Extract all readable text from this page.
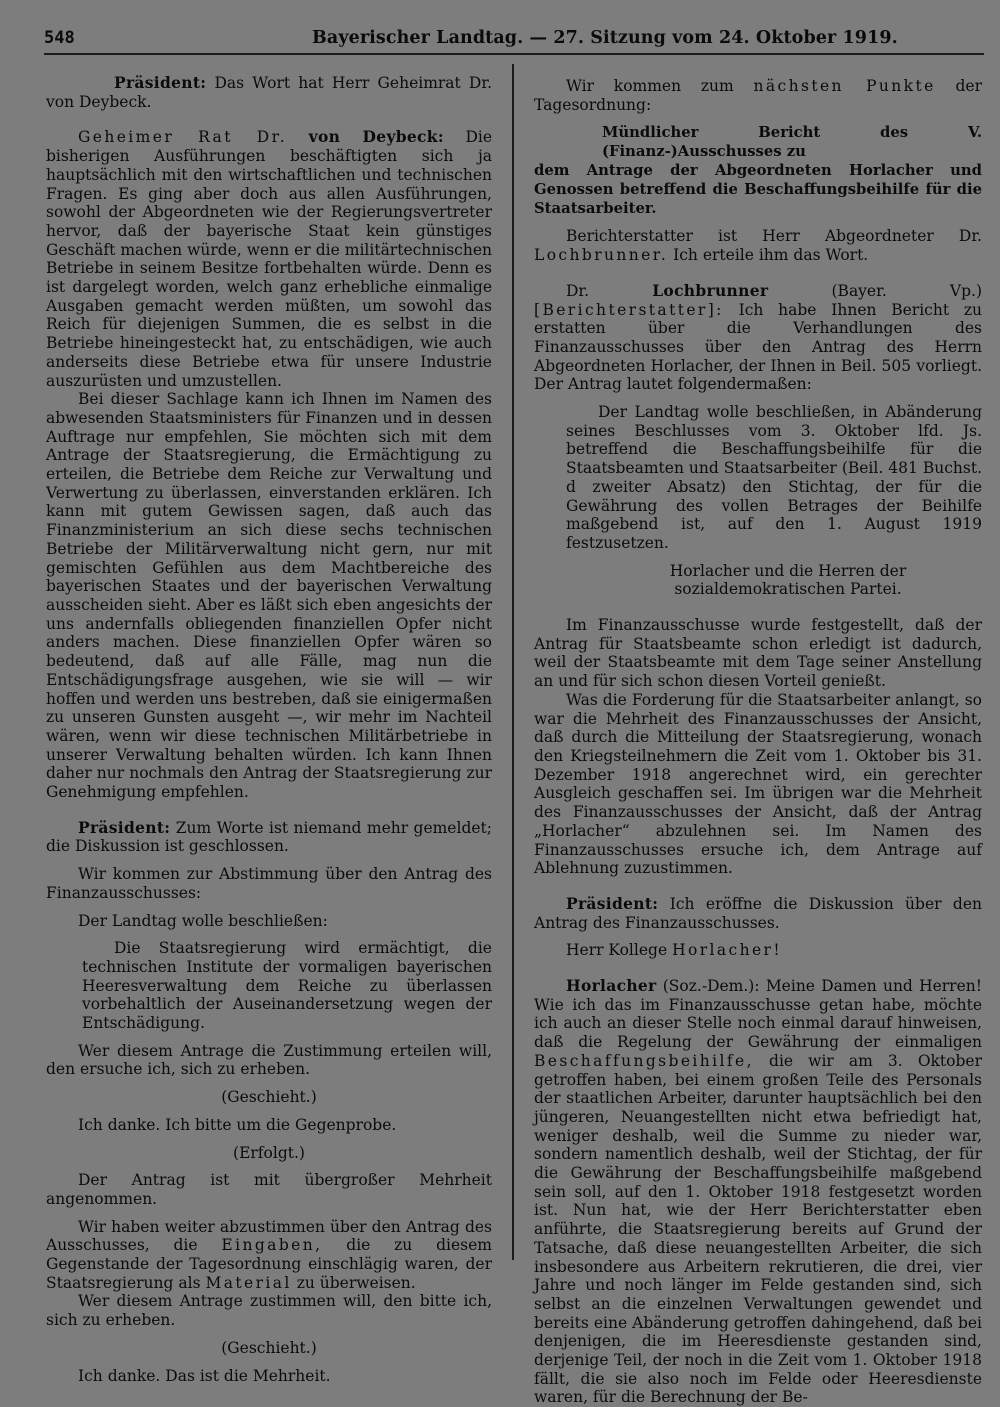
548	Bayerischer Landtag. — 27. Sitzung vom 24. Oktober 1919.

Präsident: Das Wort hat Herr Geheimrat Dr. von Deybeck.

Geheimer Rat Dr. von Deybeck: Die bisherigen Ausführungen beschäftigten sich ja hauptsächlich mit den wirtschaftlichen und technischen Fragen. Es ging aber doch aus allen Ausführungen, sowohl der Abgeordneten wie der Regierungsvertreter hervor, daß der bayerische Staat kein günstiges Geschäft machen würde, wenn er die militärtechnischen Betriebe in seinem Besitze fortbehalten würde. Denn es ist dargelegt worden, welch ganz erhebliche einmalige Ausgaben gemacht werden müßten, um sowohl das Reich für diejenigen Summen, die es selbst in die Betriebe hineingesteckt hat, zu entschädigen, wie auch anderseits diese Betriebe etwa für unsere Industrie auszurüsten und umzustellen.

Bei dieser Sachlage kann ich Ihnen im Namen des abwesenden Staatsministers für Finanzen und in dessen Auftrage nur empfehlen, Sie möchten sich mit dem Antrage der Staatsregierung, die Ermächtigung zu erteilen, die Betriebe dem Reiche zur Verwaltung und Verwertung zu überlassen, einverstanden erklären. Ich kann mit gutem Gewissen sagen, daß auch das Finanzministerium an sich diese sechs technischen Betriebe der Militärverwaltung nicht gern, nur mit gemischten Gefühlen aus dem Machtbereiche des bayerischen Staates und der bayerischen Verwaltung ausscheiden sieht. Aber es läßt sich eben angesichts der uns andernfalls obliegenden finanziellen Opfer nicht anders machen. Diese finanziellen Opfer wären so bedeutend, daß auf alle Fälle, mag nun die Entschädigungsfrage ausgehen, wie sie will — wir hoffen und werden uns bestreben, daß sie einigermaßen zu unseren Gunsten ausgeht —, wir mehr im Nachteil wären, wenn wir diese technischen Militärbetriebe in unserer Verwaltung behalten würden. Ich kann Ihnen daher nur nochmals den Antrag der Staatsregierung zur Genehmigung empfehlen.

Präsident: Zum Worte ist niemand mehr gemeldet; die Diskussion ist geschlossen.

Wir kommen zur Abstimmung über den Antrag des Finanzausschusses:

Der Landtag wolle beschließen:

Die Staatsregierung wird ermächtigt, die technischen Institute der vormaligen bayerischen Heeresverwaltung dem Reiche zu überlassen vorbehaltlich der Auseinandersetzung wegen der Entschädigung.

Wer diesem Antrage die Zustimmung erteilen will, den ersuche ich, sich zu erheben.

(Geschieht.)

Ich danke. Ich bitte um die Gegenprobe.

(Erfolgt.)

Der Antrag ist mit übergroßer Mehrheit angenommen.

Wir haben weiter abzustimmen über den Antrag des Ausschusses, die Eingaben, die zu diesem Gegenstande der Tagesordnung einschlägig waren, der Staatsregierung als Material zu überweisen.

Wer diesem Antrage zustimmen will, den bitte ich, sich zu erheben.

(Geschieht.)

Ich danke. Das ist die Mehrheit.

Wir kommen zum nächsten Punkte der Tagesordnung:

Mündlicher Bericht des V. (Finanz-)Ausschusses zu
dem Antrage der Abgeordneten Horlacher und Genossen betreffend die Beschaffungsbeihilfe für die Staatsarbeiter.

Berichterstatter ist Herr Abgeordneter Dr. Lochbrunner. Ich erteile ihm das Wort.

Dr.	Lochbrunner	(Bayer. Vp.) [Berichterstatter]: Ich habe Ihnen Bericht zu erstatten über die Verhandlungen des Finanzausschusses über den Antrag des Herrn Abgeordneten Horlacher, der Ihnen in Beil. 505 vorliegt. Der Antrag lautet folgendermaßen:

Der Landtag wolle beschließen, in Abänderung seines Beschlusses vom 3. Oktober lfd. Js. betreffend die Beschaffungsbeihilfe für die Staatsbeamten und Staatsarbeiter (Beil. 481 Buchst. d zweiter Absatz) den Stichtag, der für die Gewährung des vollen Betrages der Beihilfe maßgebend ist, auf den 1. August 1919 festzusetzen.

Horlacher und die Herren der sozialdemokratischen Partei.

Im Finanzausschusse wurde festgestellt, daß der Antrag für Staatsbeamte schon erledigt ist dadurch, weil der Staatsbeamte mit dem Tage seiner Anstellung an und für sich schon diesen Vorteil genießt.

Was die Forderung für die Staatsarbeiter anlangt, so war die Mehrheit des Finanzausschusses der Ansicht, daß durch die Mitteilung der Staatsregierung, wonach den Kriegsteilnehmern die Zeit vom 1. Oktober bis 31. Dezember 1918 angerechnet wird, ein gerechter Ausgleich geschaffen sei. Im übrigen war die Mehrheit des Finanzausschusses der Ansicht, daß der Antrag „Horlacher“ abzulehnen sei. Im Namen des Finanzausschusses ersuche ich, dem Antrage auf Ablehnung zuzustimmen.

Präsident: Ich eröffne die Diskussion über den Antrag des Finanzausschusses.

Herr Kollege Horlacher!

Horlacher (Soz.-Dem.): Meine Damen und Herren! Wie ich das im Finanzausschusse getan habe, möchte ich auch an dieser Stelle noch einmal darauf hinweisen, daß die Regelung der Gewährung der einmaligen Beschaffungsbeihilfe, die wir am 3. Oktober getroffen haben, bei einem großen Teile des Personals der staatlichen Arbeiter, darunter hauptsächlich bei den jüngeren, Neuangestellten nicht etwa befriedigt hat, weniger deshalb, weil die Summe zu nieder war, sondern namentlich deshalb, weil der Stichtag, der für die Gewährung der Beschaffungsbeihilfe maßgebend sein soll, auf den 1. Oktober 1918 festgesetzt worden ist. Nun hat, wie der Herr Berichterstatter eben anführte, die Staatsregierung bereits auf Grund der Tatsache, daß diese neuangestellten Arbeiter, die sich insbesondere aus Arbeitern rekrutieren, die drei, vier Jahre und noch länger im Felde gestanden sind, sich selbst an die einzelnen Verwaltungen gewendet und bereits eine Abänderung getroffen dahingehend, daß bei denjenigen, die im Heeresdienste gestanden sind, derjenige Teil, der noch in die Zeit vom 1. Oktober 1918 fällt, die sie also noch im Felde oder Heeresdienste waren, für die Berechnung der Be-
